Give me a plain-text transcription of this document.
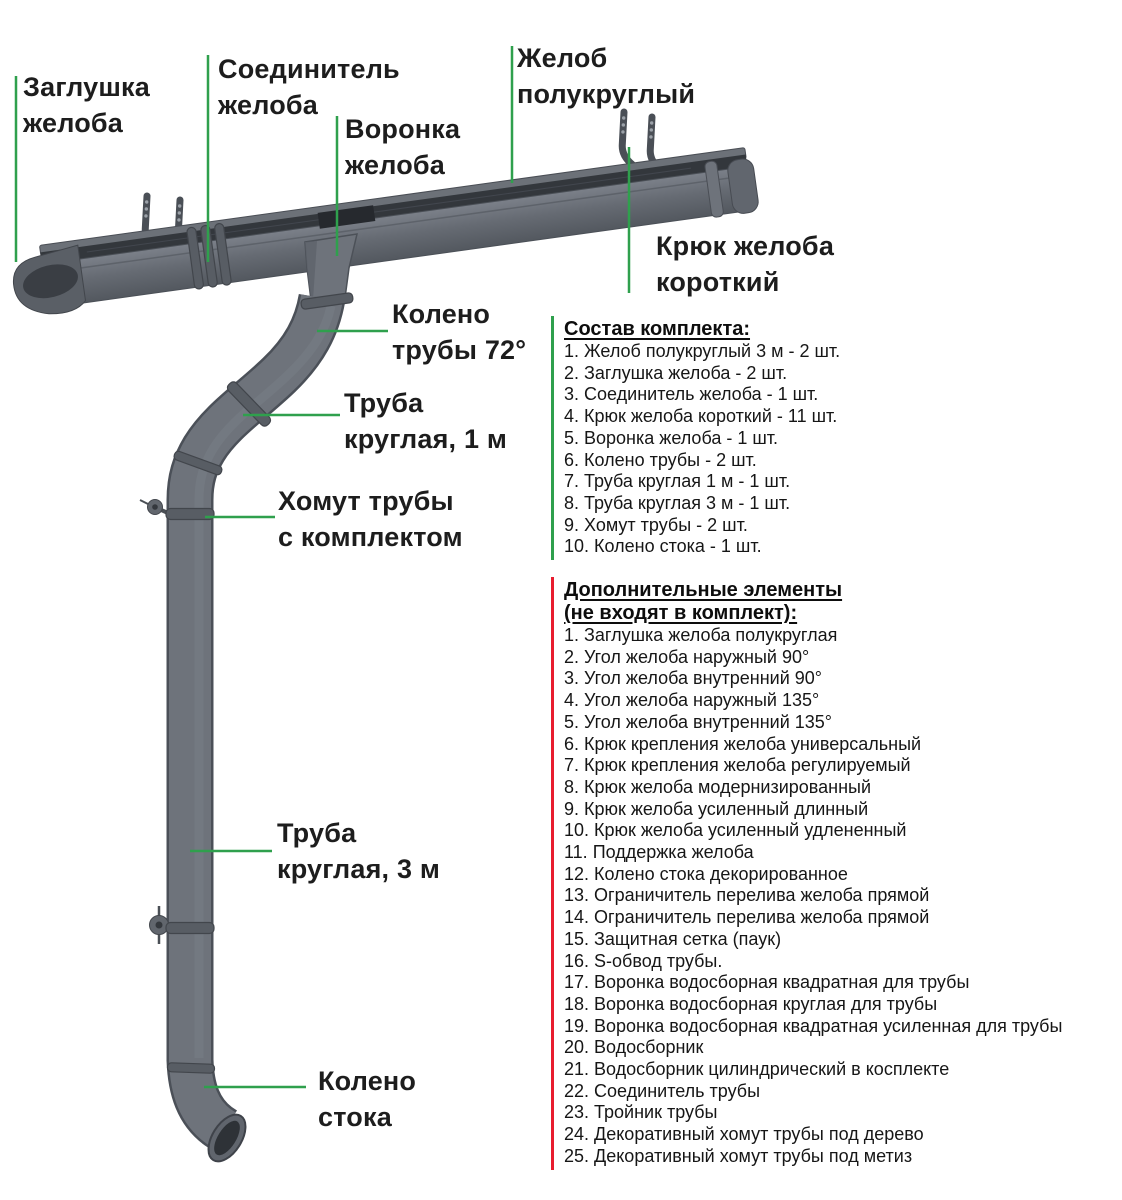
Заглушка
желоба
Соединитель
желоба
Воронка
желоба
Желоб
полукруглый
Крюк желоба
короткий
Колено
трубы 72°
Труба
круглая, 1 м
Хомут трубы
с комплектом
Труба
круглая, 3 м
Колено
стока
Состав комплекта:
1. Желоб полукруглый 3 м - 2 шт.
2. Заглушка желоба - 2 шт.
3. Соединитель желоба - 1 шт.
4. Крюк желоба короткий - 11 шт.
5. Воронка желоба - 1 шт.
6. Колено трубы - 2 шт.
7. Труба круглая 1 м - 1 шт.
8. Труба круглая 3 м - 1 шт.
9. Хомут трубы - 2 шт.
10. Колено стока - 1 шт.
Дополнительные элементы
(не входят в комплект):
1. Заглушка желоба полукруглая
2. Угол желоба наружный 90°
3. Угол желоба внутренний 90°
4. Угол желоба наружный 135°
5. Угол желоба внутренний 135°
6. Крюк крепления желоба универсальный
7. Крюк крепления желоба регулируемый
8. Крюк желоба модернизированный
9. Крюк желоба усиленный длинный
10. Крюк желоба усиленный удлененный
11. Поддержка желоба
12. Колено стока декорированное
13. Ограничитель перелива желоба прямой
14. Ограничитель перелива желоба прямой
15. Защитная сетка (паук)
16. S-обвод трубы.
17. Воронка водосборная квадратная для трубы
18. Воронка водосборная круглая для трубы
19. Воронка водосборная квадратная усиленная для трубы
20. Водосборник
21. Водосборник цилиндрический в косплекте
22. Соединитель трубы
23. Тройник трубы
24. Декоративный хомут трубы под дерево
25. Декоративный хомут трубы под метиз
